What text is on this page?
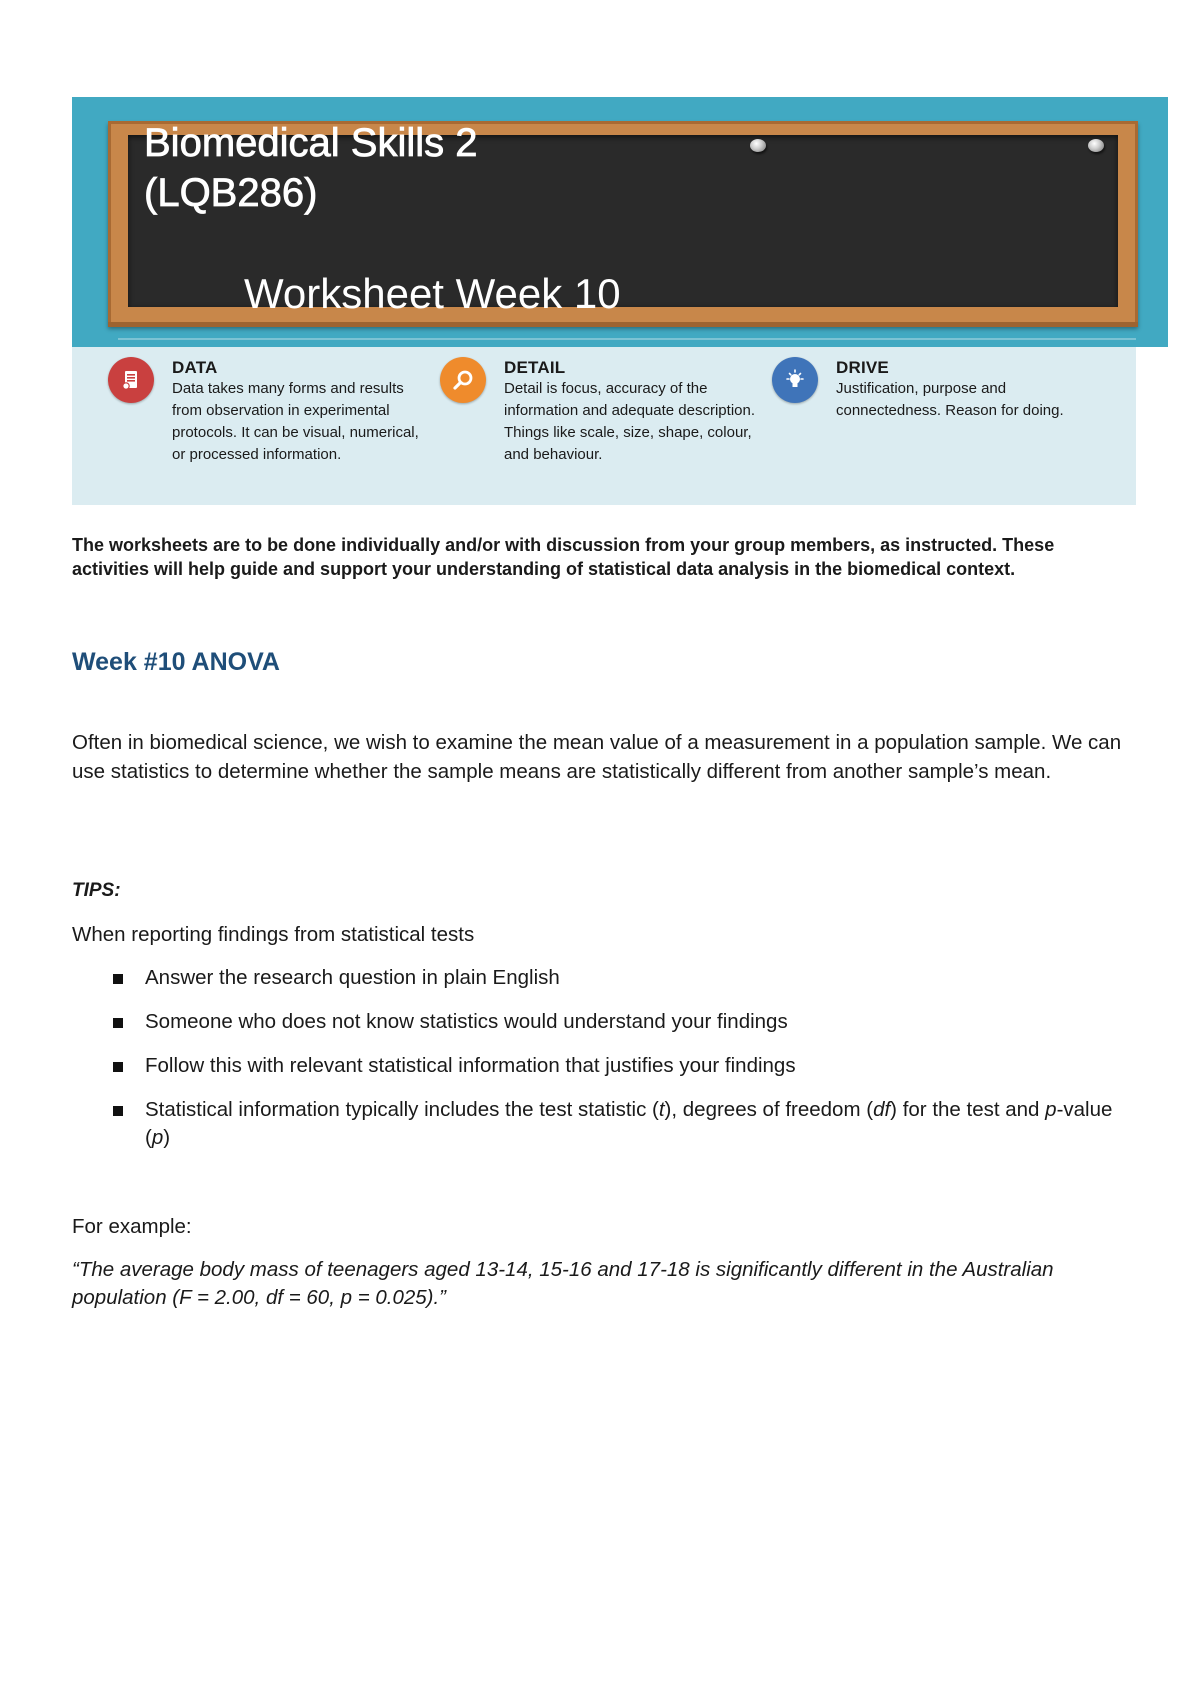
Biomedical Skills 2
(LQB286)
Worksheet Week 10
DATA
Data takes many forms and results from observation in experimental protocols. It can be visual, numerical, or processed information.
DETAIL
Detail is focus, accuracy of the information and adequate description. Things like scale, size, shape, colour, and behaviour.
DRIVE
Justification, purpose and connectedness. Reason for doing.
The worksheets are to be done individually and/or with discussion from your group members, as instructed. These activities will help guide and support your understanding of statistical data analysis in the biomedical context.
Week #10 ANOVA
Often in biomedical science, we wish to examine the mean value of a measurement in a population sample. We can use statistics to determine whether the sample means are statistically different from another sample’s mean.
TIPS:
When reporting findings from statistical tests
Answer the research question in plain English
Someone who does not know statistics would understand your findings
Follow this with relevant statistical information that justifies your findings
Statistical information typically includes the test statistic (t), degrees of freedom (df) for the test and p-value (p)
For example:
“The average body mass of teenagers aged 13-14, 15-16 and 17-18 is significantly different in the Australian population (F = 2.00, df = 60, p = 0.025).”
